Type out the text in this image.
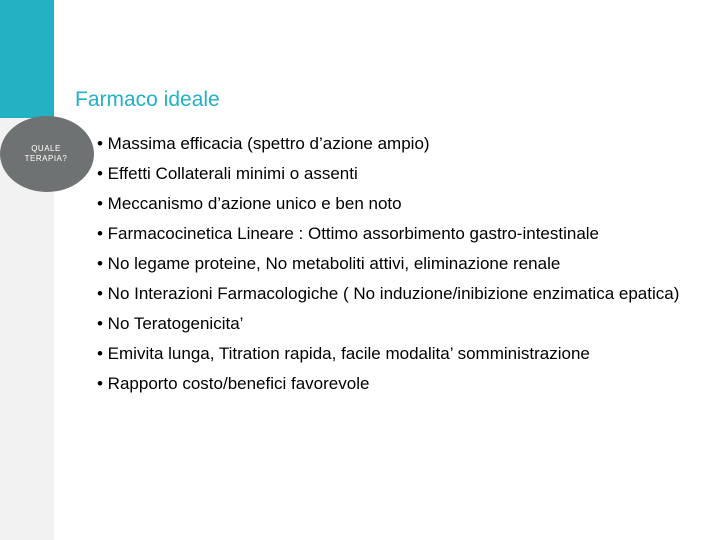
QUALE TERAPIA?
Farmaco ideale
• Massima efficacia (spettro d’azione ampio)
• Effetti Collaterali minimi o assenti
• Meccanismo d’azione unico e ben noto
• Farmacocinetica Lineare : Ottimo assorbimento gastro-intestinale
• No legame proteine, No metaboliti attivi, eliminazione renale
• No Interazioni Farmacologiche ( No induzione/inibizione enzimatica epatica)
• No Teratogenicita’
• Emivita lunga, Titration rapida, facile modalita’ somministrazione
• Rapporto costo/benefici favorevole
